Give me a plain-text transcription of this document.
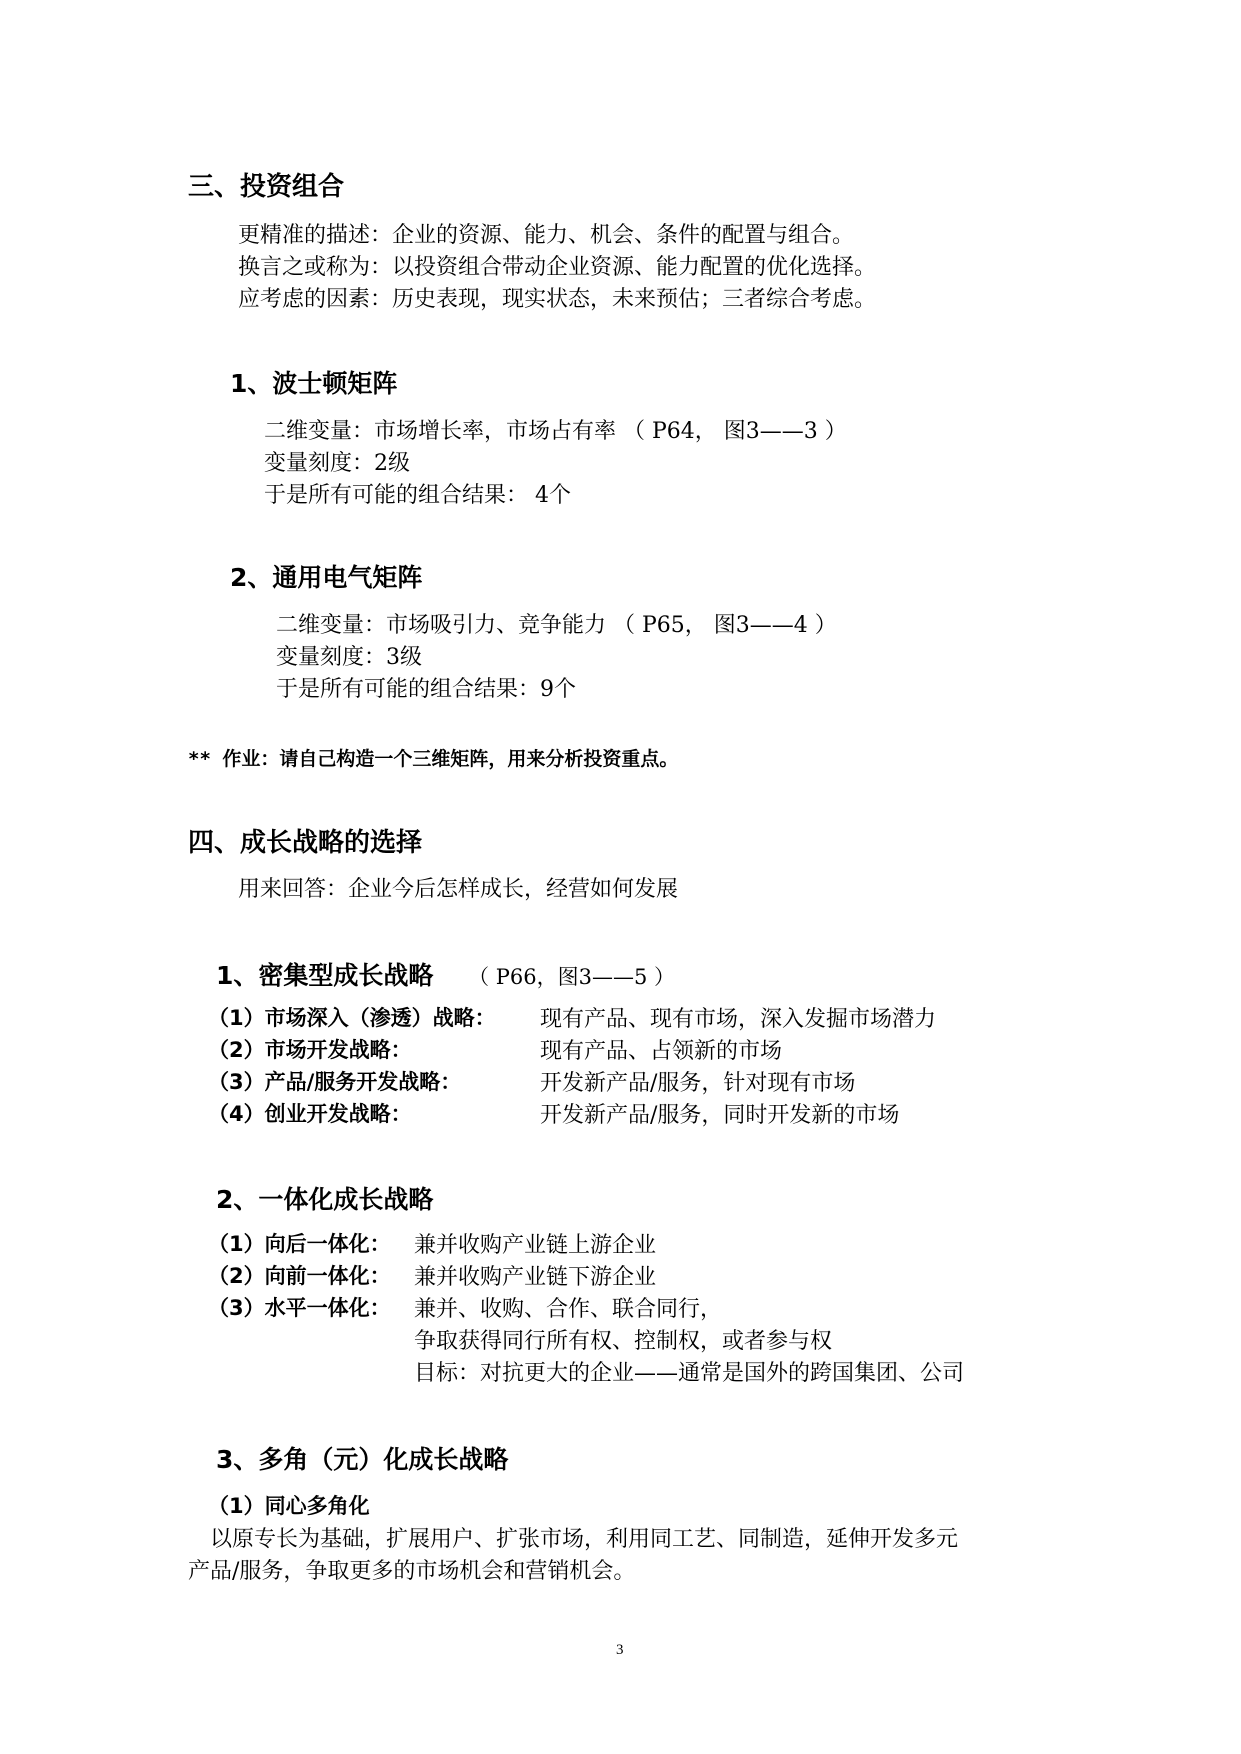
三、投资组合

更精准的描述：企业的资源、能力、机会、条件的配置与组合。

换言之或称为：以投资组合带动企业资源、能力配置的优化选择。

应考虑的因素：历史表现，现实状态，未来预估；三者综合考虑。

1、波士顿矩阵

二维变量：市场增长率，市场占有率 （ P64， 图3——3 ）

变量刻度：2级

于是所有可能的组合结果： 4个

2、通用电气矩阵

二维变量：市场吸引力、竞争能力 （ P65， 图3——4 ）

变量刻度：3级

于是所有可能的组合结果：9个

** 作业：请自己构造一个三维矩阵，用来分析投资重点。

四、成长战略的选择

用来回答：企业今后怎样成长，经营如何发展

1、密集型成长战略 （ P66，图3——5 ）
（1）市场深入（渗透）战略： 现有产品、现有市场，深入发掘市场潜力

（2）市场开发战略：	现有产品、占领新的市场

（3）产品/服务开发战略：	开发新产品/服务，针对现有市场

（4）创业开发战略：	开发新产品/服务，同时开发新的市场

2、一体化成长战略
（1）向后一体化： 兼并收购产业链上游企业

（2）向前一体化： 兼并收购产业链下游企业

（3）水平一体化： 兼并、收购、合作、联合同行，

争取获得同行所有权、控制权，或者参与权

目标：对抗更大的企业——通常是国外的跨国集团、公司

3、多角（元）化成长战略

（1）同心多角化

以原专长为基础，扩展用户、扩张市场，利用同工艺、同制造，延伸开发多元

产品/服务，争取更多的市场机会和营销机会。

3
